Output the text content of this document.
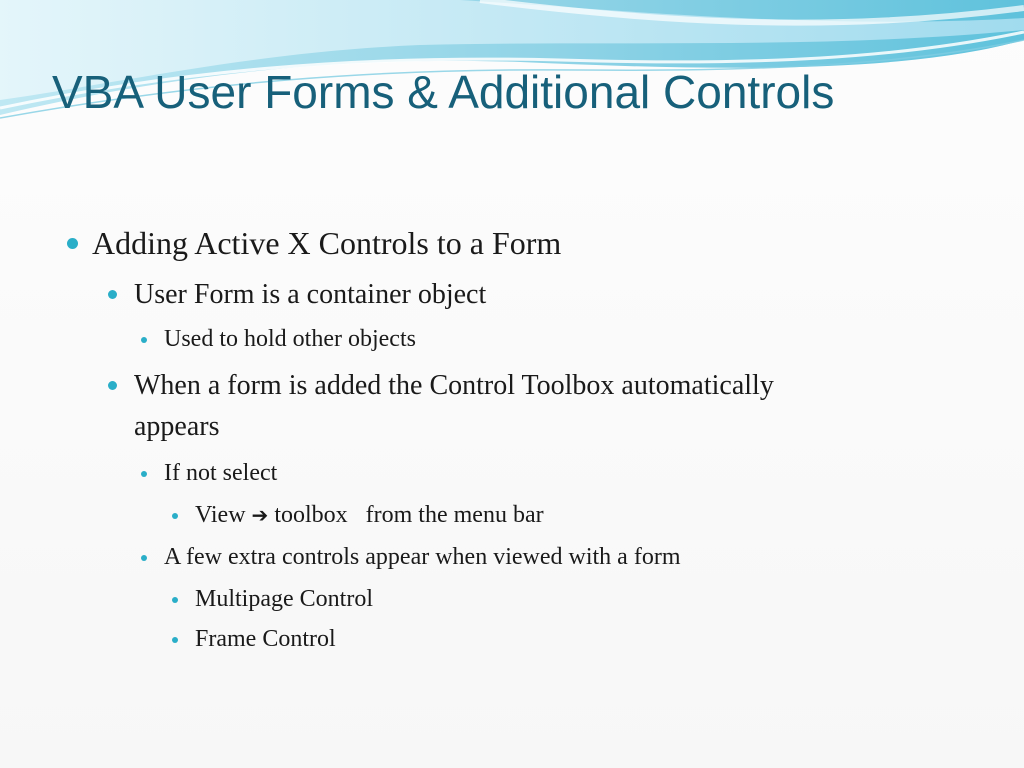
VBA User Forms & Additional Controls
Adding Active X Controls to a Form
User Form is a container object
Used to hold other objects
When a form is added the Control Toolbox automatically appears
If not select
View ➔ toolbox   from the menu bar
A few extra controls appear when viewed with a form
Multipage Control
Frame Control
